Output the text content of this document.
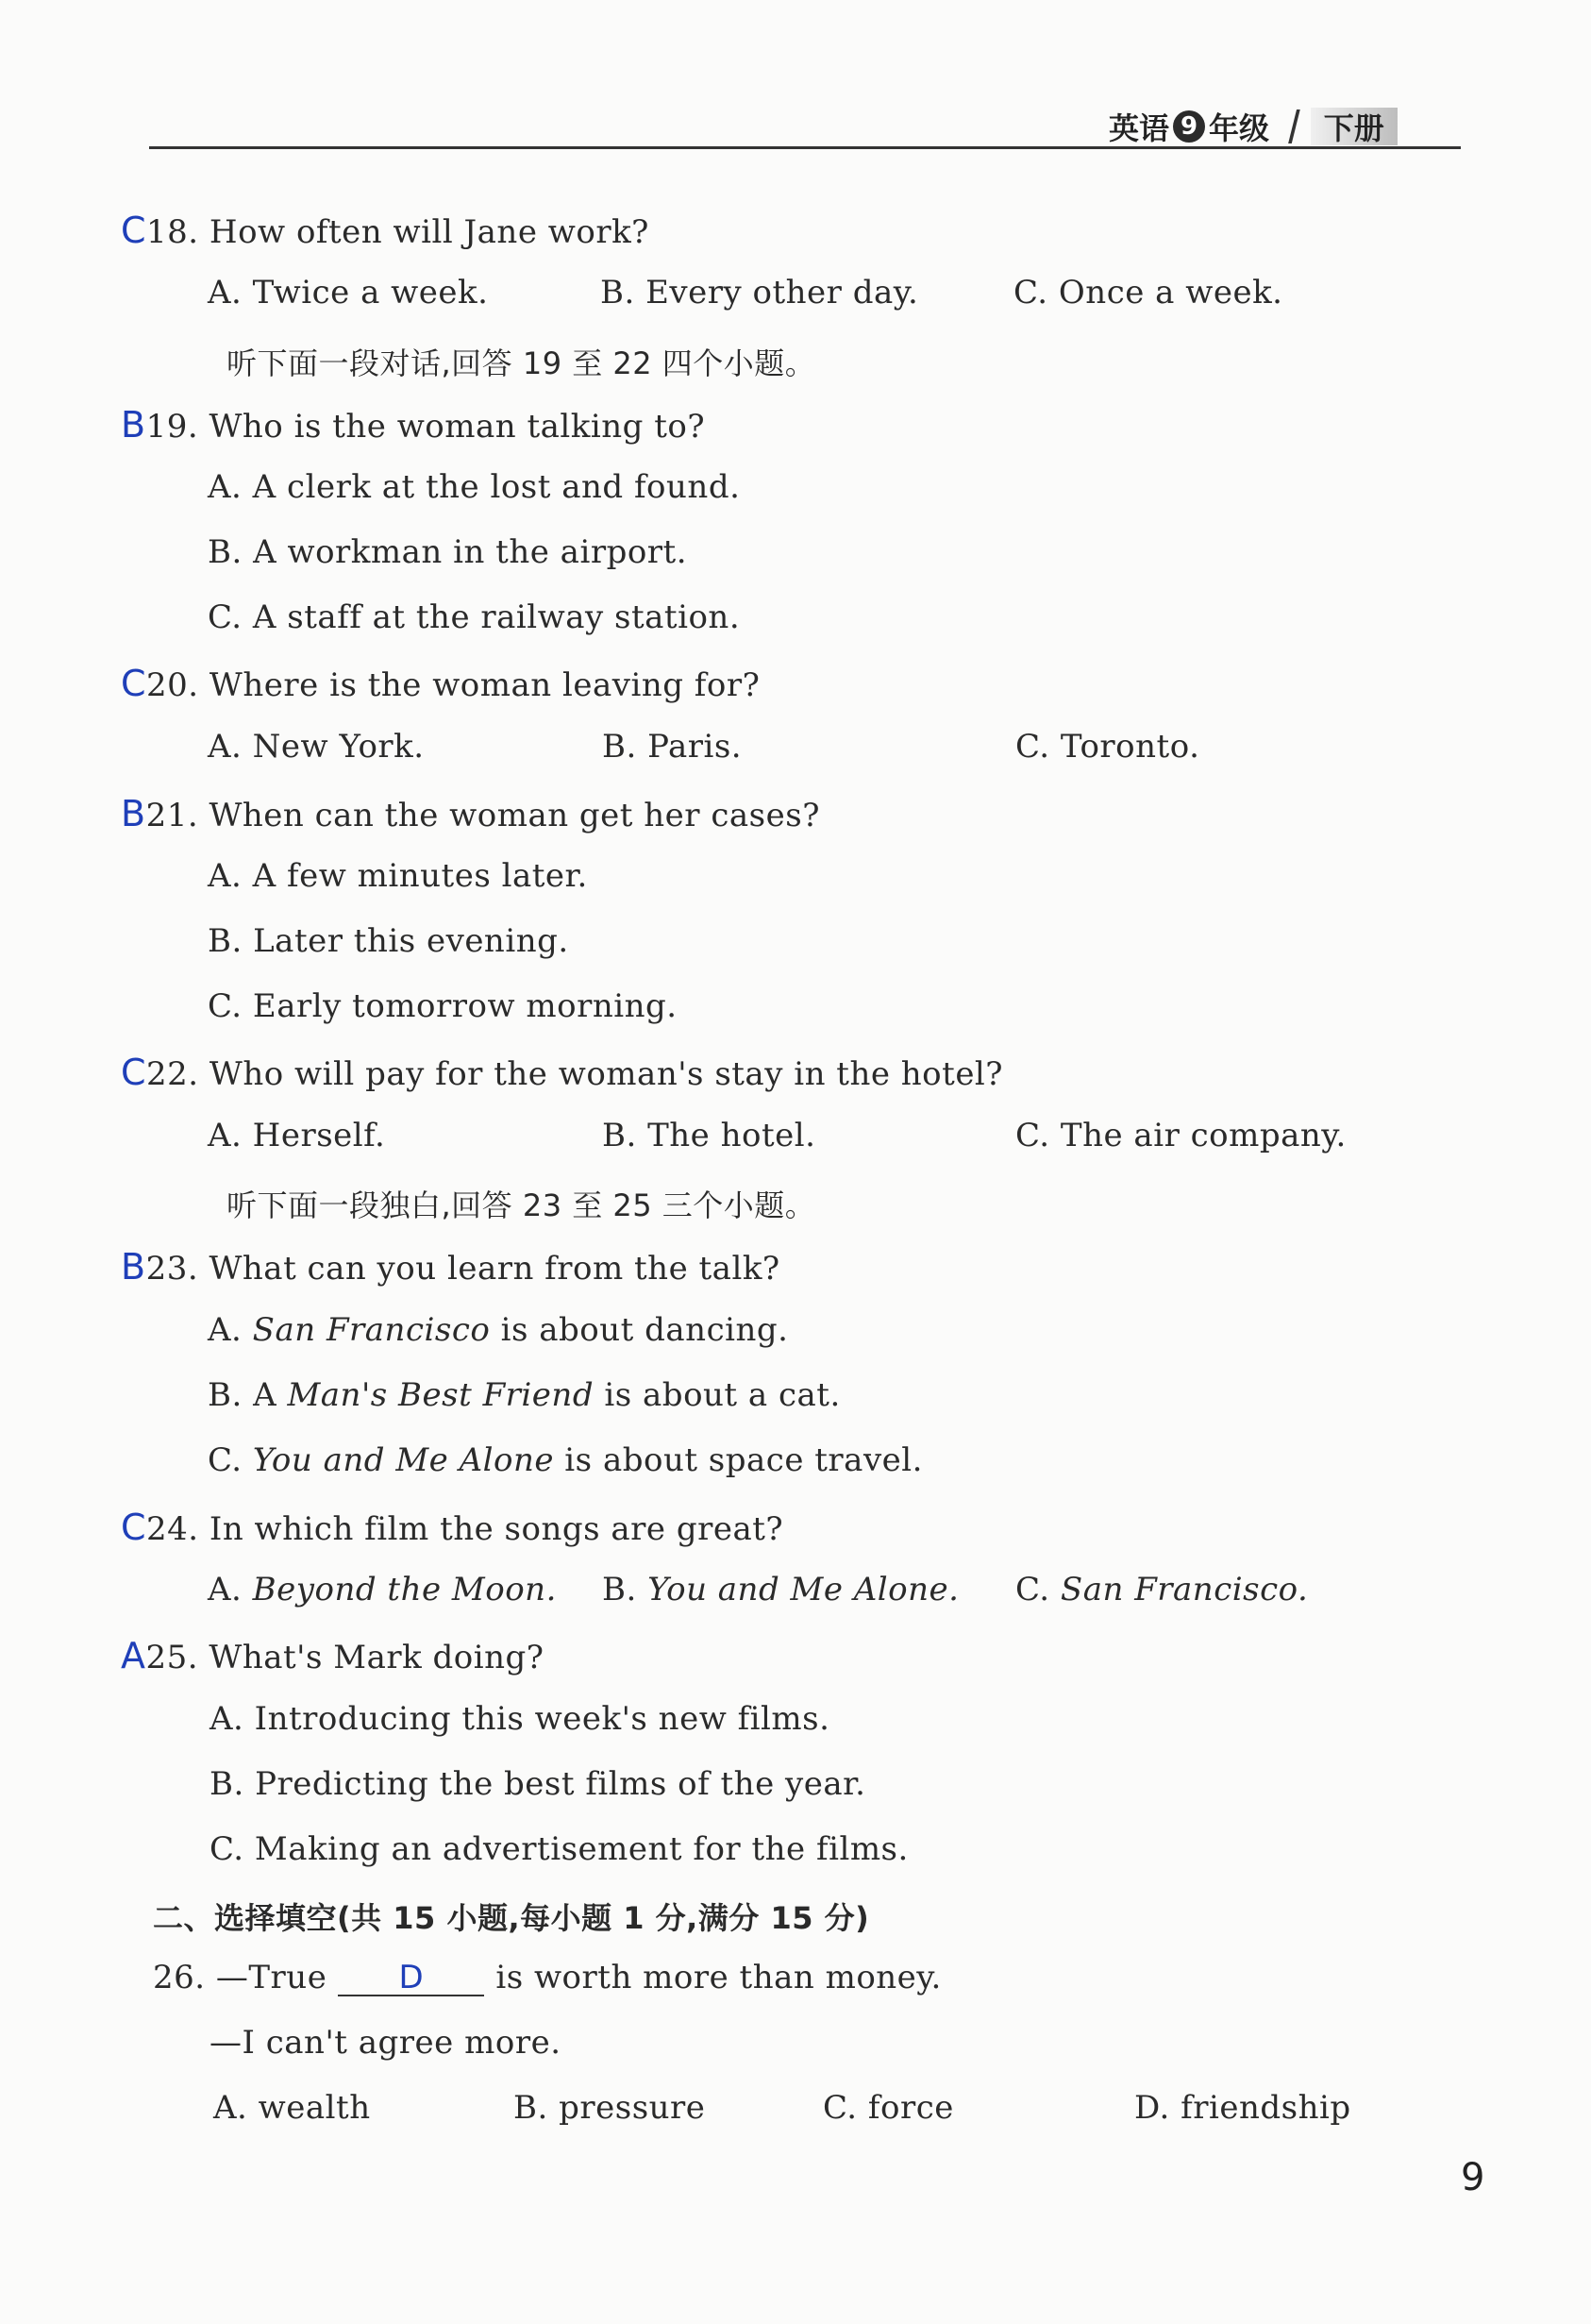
英语 9 年级 //	下册
C18. How often will Jane work?
A. Twice a week.	B. Every other day.	C. Once a week.
听下面一段对话,回答 19 至 22 四个小题。
B19. Who is the woman talking to?
A. A clerk at the lost and found.
B. A workman in the airport.
C. A staff at the railway station.
C20. Where is the woman leaving for?
A. New York.	B. Paris.	C. Toronto.
B21. When can the woman get her cases?
A. A few minutes later.
B. Later this evening.
C. Early tomorrow morning.
C22. Who will pay for the woman's stay in the hotel?
A. Herself.	B. The hotel.	C. The air company.
听下面一段独白,回答 23 至 25 三个小题。
B23. What can you learn from the talk?
A. San Francisco is about dancing.
B. A Man's Best Friend is about a cat.
C. You and Me Alone is about space travel.
C24. In which film the songs are great?
A. Beyond the Moon. B. You and Me Alone. C. San Francisco.
A25. What's Mark doing?
A. Introducing this week's new films.
B. Predicting the best films of the year.
C. Making an advertisement for the films.
二、选择填空(共 15 小题,每小题 1 分,满分 15 分)
26. —True D is worth more than money.
—I can't agree more.
A. wealth	B. pressure	C. force	D. friendship
9
